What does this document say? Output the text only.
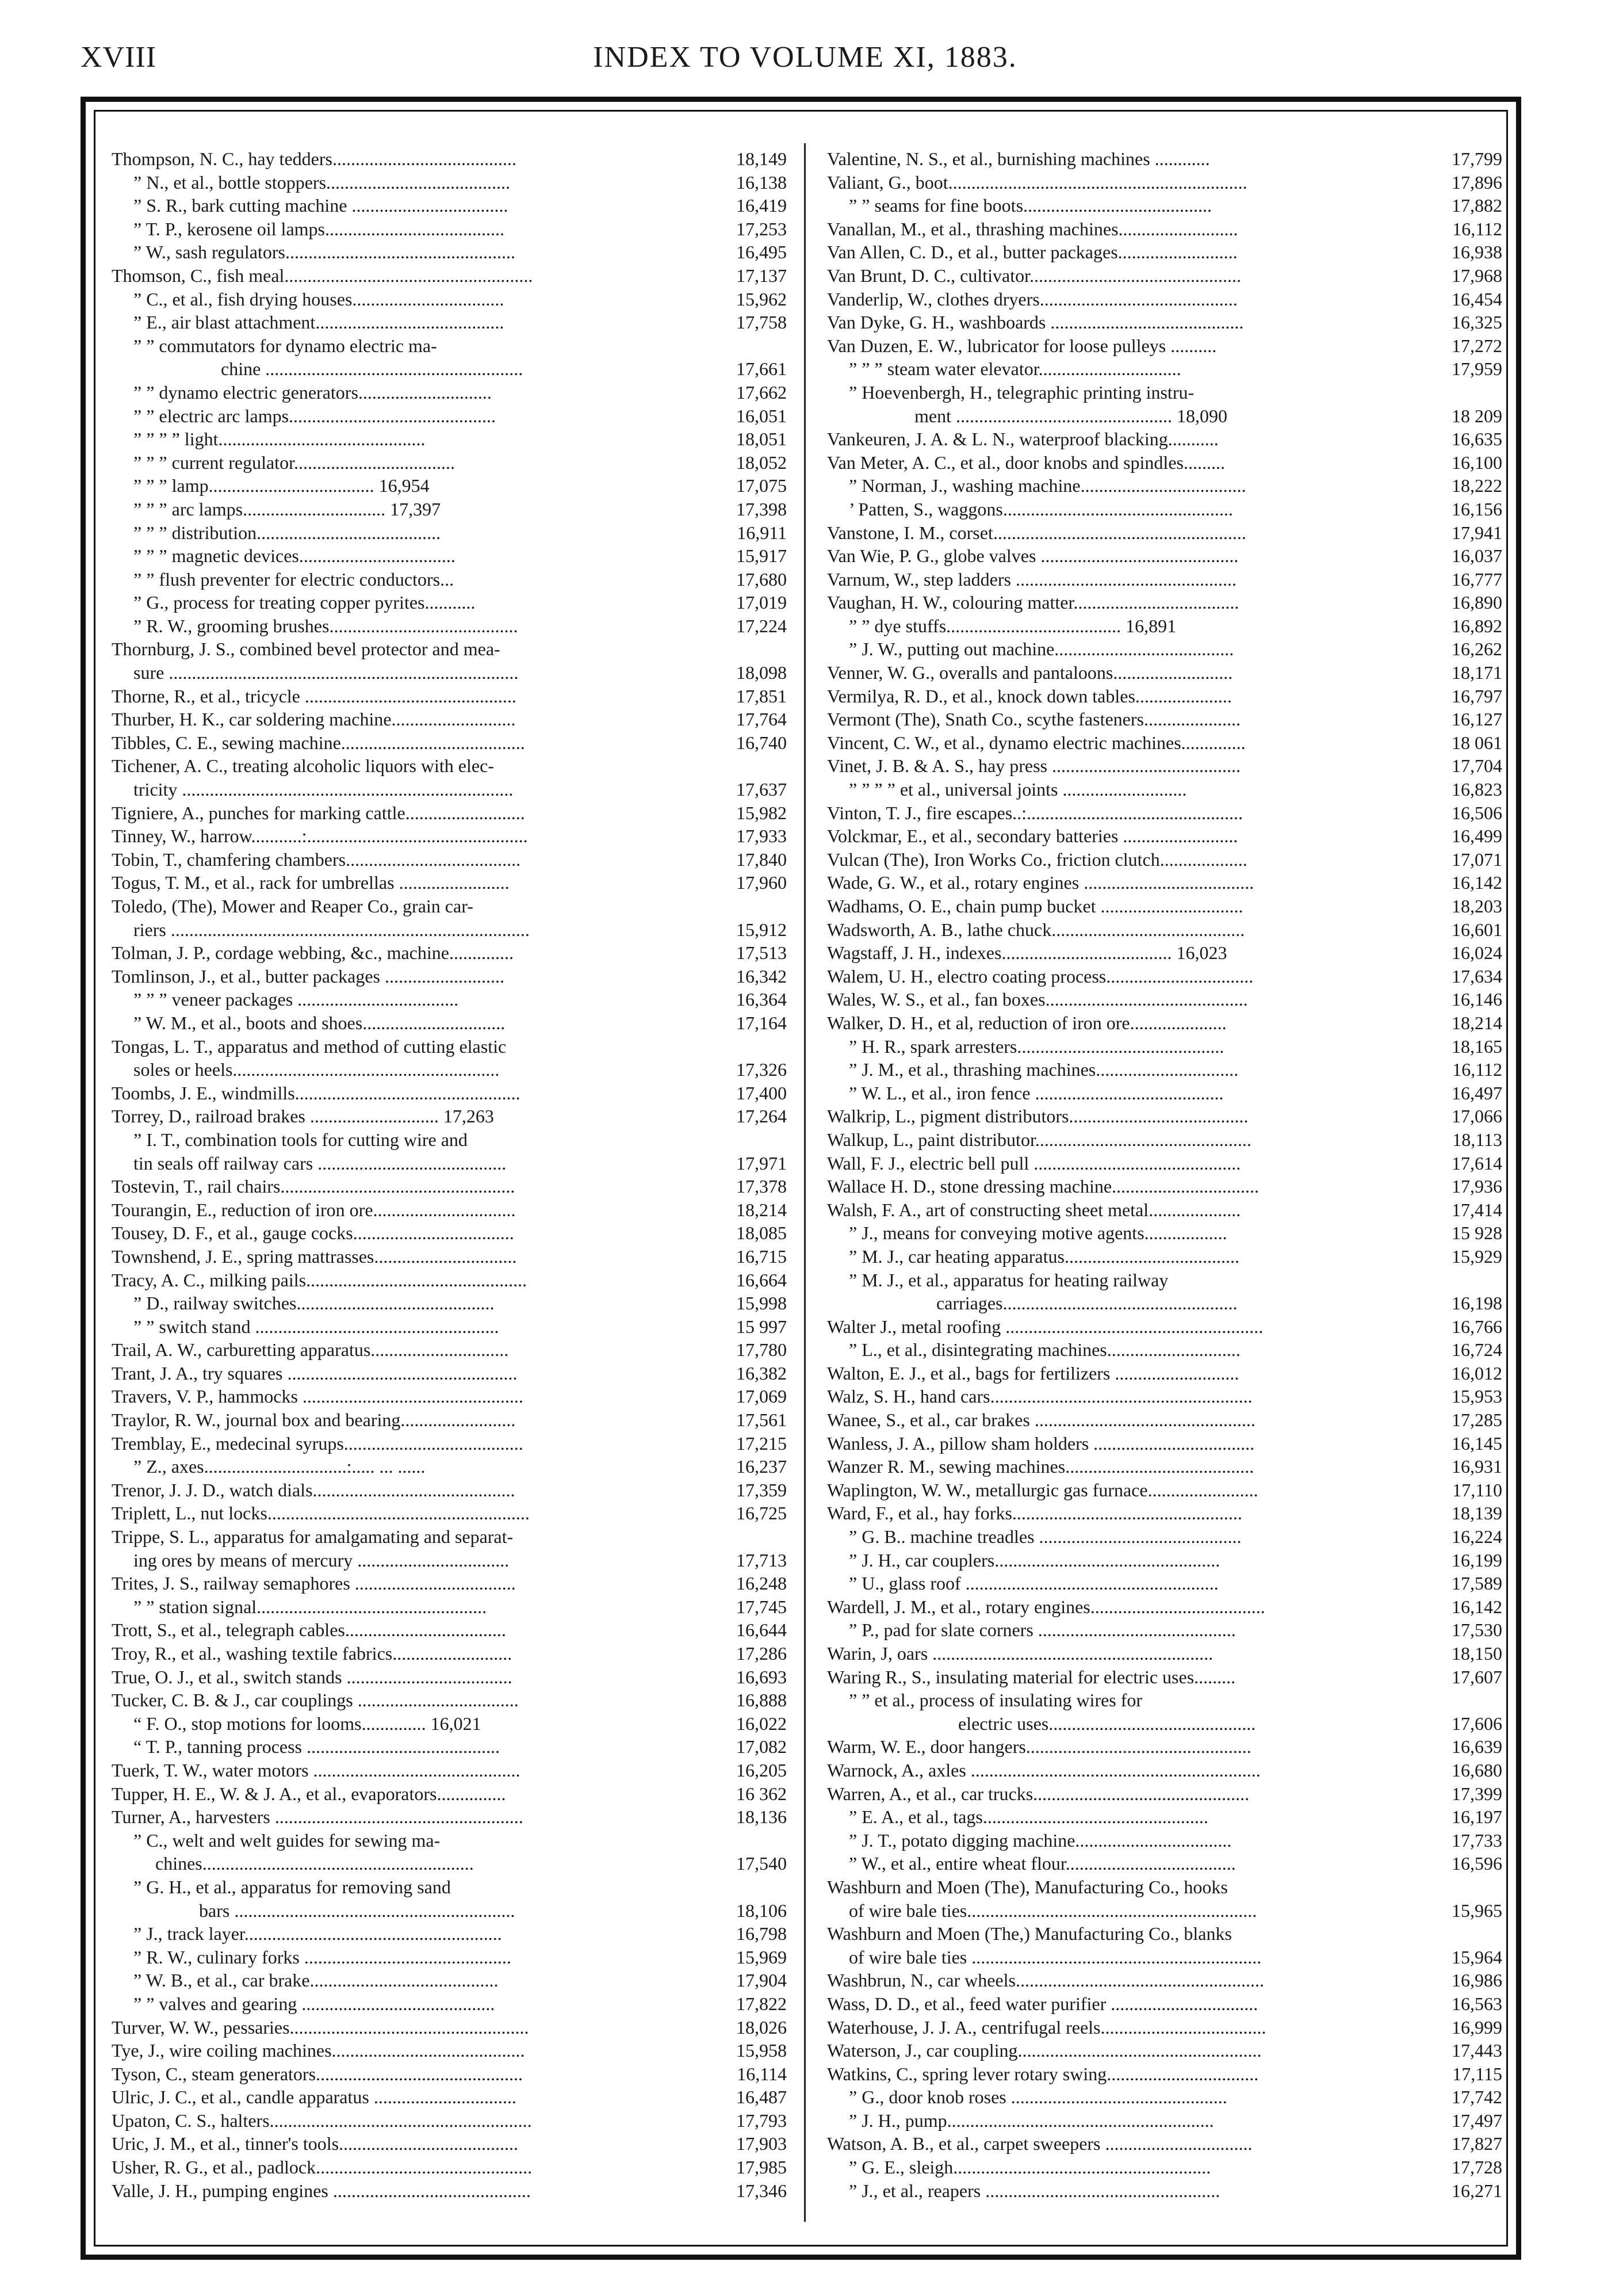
XVIII	INDEX TO VOLUME XI, 1883.
Thompson, N. C., hay tedders........................................	18,149
” N., et al., bottle stoppers........................................	16,138
” S. R., bark cutting machine ..................................	16,419
” T. P., kerosene oil lamps.......................................	17,253
” W., sash regulators..................................................	16,495
Thomson, C., fish meal......................................................	17,137
” C., et al., fish drying houses.................................	15,962
” E., air blast attachment.........................................	17,758
” ” commutators for dynamo electric ma-
chine ........................................................	17,661
” ” dynamo electric generators.............................	17,662
” ” electric arc lamps.............................................	16,051
” ” ” ” light.............................................	18,051
” ” ” current regulator...................................	18,052
” ” ” lamp.................................... 16,954	17,075
” ” ” arc lamps............................... 17,397	17,398
” ” ” distribution........................................	16,911
” ” ” magnetic devices..................................	15,917
” ” flush preventer for electric conductors...	17,680
” G., process for treating copper pyrites...........	17,019
” R. W., grooming brushes.........................................	17,224
Thornburg, J. S., combined bevel protector and mea-
sure ............................................................................	18,098
Thorne, R., et al., tricycle ..............................................	17,851
Thurber, H. K., car soldering machine...........................	17,764
Tibbles, C. E., sewing machine........................................	16,740
Tichener, A. C., treating alcoholic liquors with elec-
tricity ........................................................................	17,637
Tigniere, A., punches for marking cattle..........................	15,982
Tinney, W., harrow...........:................................................	17,933
Tobin, T., chamfering chambers......................................	17,840
Togus, T. M., et al., rack for umbrellas ........................	17,960
Toledo, (The), Mower and Reaper Co., grain car-
riers ..............................................................................	15,912
Tolman, J. P., cordage webbing, &c., machine..............	17,513
Tomlinson, J., et al., butter packages ..........................	16,342
” ” ” veneer packages ...................................	16,364
” W. M., et al., boots and shoes...............................	17,164
Tongas, L. T., apparatus and method of cutting elastic
soles or heels..........................................................	17,326
Toombs, J. E., windmills.................................................	17,400
Torrey, D., railroad brakes ............................ 17,263	17,264
” I. T., combination tools for cutting wire and
tin seals off railway cars .........................................	17,971
Tostevin, T., rail chairs...................................................	17,378
Tourangin, E., reduction of iron ore...............................	18,214
Tousey, D. F., et al., gauge cocks...................................	18,085
Townshend, J. E., spring mattrasses...............................	16,715
Tracy, A. C., milking pails................................................	16,664
” D., railway switches...........................................	15,998
” ” switch stand .....................................................	15 997
Trail, A. W., carburetting apparatus..............................	17,780
Trant, J. A., try squares ..................................................	16,382
Travers, V. P., hammocks ................................................	17,069
Traylor, R. W., journal box and bearing.........................	17,561
Tremblay, E., medecinal syrups.......................................	17,215
” Z., axes...............................:..... ... ......	16,237
Trenor, J. J. D., watch dials............................................	17,359
Triplett, L., nut locks.........................................................	16,725
Trippe, S. L., apparatus for amalgamating and separat-
ing ores by means of mercury .................................	17,713
Trites, J. S., railway semaphores ...................................	16,248
” ” station signal..................................................	17,745
Trott, S., et al., telegraph cables...................................	16,644
Troy, R., et al., washing textile fabrics..........................	17,286
True, O. J., et al., switch stands ....................................	16,693
Tucker, C. B. & J., car couplings ...................................	16,888
“ F. O., stop motions for looms.............. 16,021	16,022
“ T. P., tanning process ..........................................	17,082
Tuerk, T. W., water motors .............................................	16,205
Tupper, H. E., W. & J. A., et al., evaporators...............	16 362
Turner, A., harvesters ......................................................	18,136
” C., welt and welt guides for sewing ma-
chines...........................................................	17,540
” G. H., et al., apparatus for removing sand
bars .............................................................	18,106
” J., track layer........................................................	16,798
” R. W., culinary forks .............................................	15,969
” W. B., et al., car brake.........................................	17,904
” ” valves and gearing ..........................................	17,822
Turver, W. W., pessaries....................................................	18,026
Tye, J., wire coiling machines..........................................	15,958
Tyson, C., steam generators.............................................	16,114
Ulric, J. C., et al., candle apparatus ...............................	16,487
Upaton, C. S., halters.........................................................	17,793
Uric, J. M., et al., tinner's tools.......................................	17,903
Usher, R. G., et al., padlock...............................................	17,985
Valle, J. H., pumping engines ...........................................	17,346
Valentine, N. S., et al., burnishing machines ............	17,799
Valiant, G., boot.................................................................	17,896
” ” seams for fine boots.........................................	17,882
Vanallan, M., et al., thrashing machines..........................	16,112
Van Allen, C. D., et al., butter packages..........................	16,938
Van Brunt, D. C., cultivator..............................................	17,968
Vanderlip, W., clothes dryers...........................................	16,454
Van Dyke, G. H., washboards ..........................................	16,325
Van Duzen, E. W., lubricator for loose pulleys ..........	17,272
” ” ” steam water elevator...............................	17,959
” Hoevenbergh, H., telegraphic printing instru-
ment ............................................... 18,090	18 209
Vankeuren, J. A. & L. N., waterproof blacking...........	16,635
Van Meter, A. C., et al., door knobs and spindles.........	16,100
” Norman, J., washing machine....................................	18,222
’ Patten, S., waggons..................................................	16,156
Vanstone, I. M., corset.......................................................	17,941
Van Wie, P. G., globe valves ...........................................	16,037
Varnum, W., step ladders ................................................	16,777
Vaughan, H. W., colouring matter....................................	16,890
” ” dye stuffs...................................... 16,891	16,892
” J. W., putting out machine.......................................	16,262
Venner, W. G., overalls and pantaloons..........................	18,171
Vermilya, R. D., et al., knock down tables.....................	16,797
Vermont (The), Snath Co., scythe fasteners.....................	16,127
Vincent, C. W., et al., dynamo electric machines..............	18 061
Vinet, J. B. & A. S., hay press .........................................	17,704
” ” ” ” et al., universal joints ...........................	16,823
Vinton, T. J., fire escapes..:...............................................	16,506
Volckmar, E., et al., secondary batteries .........................	16,499
Vulcan (The), Iron Works Co., friction clutch...................	17,071
Wade, G. W., et al., rotary engines .....................................	16,142
Wadhams, O. E., chain pump bucket ...............................	18,203
Wadsworth, A. B., lathe chuck..........................................	16,601
Wagstaff, J. H., indexes..................................... 16,023	16,024
Walem, U. H., electro coating process................................	17,634
Wales, W. S., et al., fan boxes............................................	16,146
Walker, D. H., et al, reduction of iron ore.....................	18,214
” H. R., spark arresters.............................................	18,165
” J. M., et al., thrashing machines...............................	16,112
” W. L., et al., iron fence .........................................	16,497
Walkrip, L., pigment distributors.......................................	17,066
Walkup, L., paint distributor...............................................	18,113
Wall, F. J., electric bell pull .............................................	17,614
Wallace H. D., stone dressing machine................................	17,936
Walsh, F. A., art of constructing sheet metal....................	17,414
” J., means for conveying motive agents..................	15 928
” M. J., car heating apparatus......................................	15,929
” M. J., et al., apparatus for heating railway
carriages...................................................	16,198
Walter J., metal roofing ........................................................	16,766
” L., et al., disintegrating machines.............................	16,724
Walton, E. J., et al., bags for fertilizers ...........................	16,012
Walz, S. H., hand cars.........................................................	15,953
Wanee, S., et al., car brakes ................................................	17,285
Wanless, J. A., pillow sham holders ...................................	16,145
Wanzer R. M., sewing machines.........................................	16,931
Waplington, W. W., metallurgic gas furnace........................	17,110
Ward, F., et al., hay forks..................................................	18,139
” G. B.. machine treadles ............................................	16,224
” J. H., car couplers.................................................	16,199
” U., glass roof .......................................................	17,589
Wardell, J. M., et al., rotary engines......................................	16,142
” P., pad for slate corners ...........................................	17,530
Warin, J, oars .............................................................	18,150
Waring R., S., insulating material for electric uses.........	17,607
” ” et al., process of insulating wires for
electric uses.............................................	17,606
Warm, W. E., door hangers.................................................	16,639
Warnock, A., axles ...............................................................	16,680
Warren, A., et al., car trucks...............................................	17,399
” E. A., et al., tags.................................................	16,197
” J. T., potato digging machine..................................	17,733
” W., et al., entire wheat flour.....................................	16,596
Washburn and Moen (The), Manufacturing Co., hooks
of wire bale ties...............................................................	15,965
Washburn and Moen (The,) Manufacturing Co., blanks
of wire bale ties ...............................................................	15,964
Washbrun, N., car wheels......................................................	16,986
Wass, D. D., et al., feed water purifier ................................	16,563
Waterhouse, J. J. A., centrifugal reels....................................	16,999
Waterson, J., car coupling.....................................................	17,443
Watkins, C., spring lever rotary swing.................................	17,115
” G., door knob roses ...............................................	17,742
” J. H., pump..........................................................	17,497
Watson, A. B., et al., carpet sweepers ................................	17,827
” G. E., sleigh........................................................	17,728
” J., et al., reapers ...................................................	16,271
